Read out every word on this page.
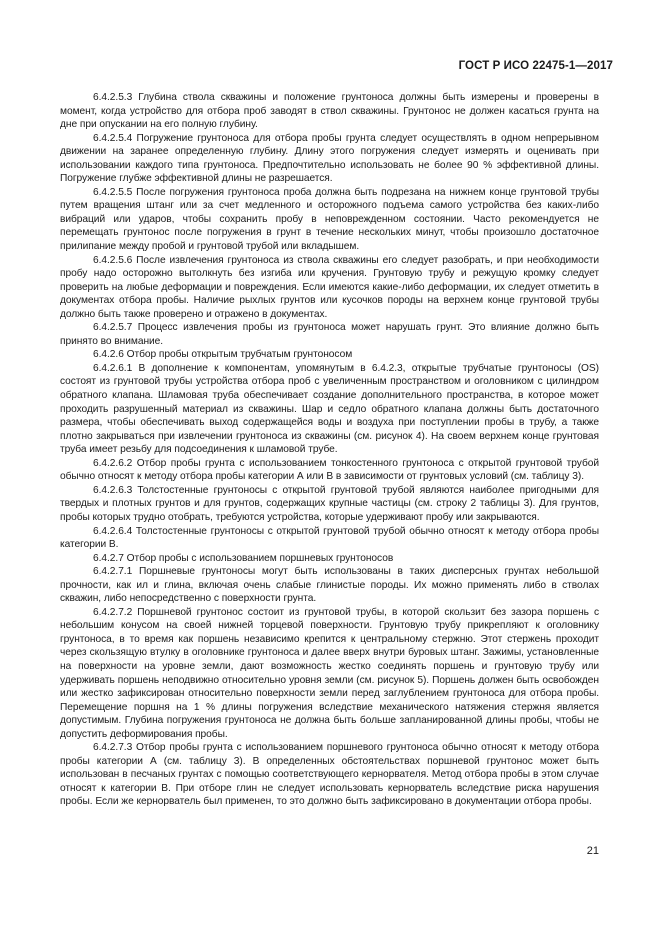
ГОСТ Р ИСО 22475-1—2017

6.4.2.5.3 Глубина ствола скважины и положение грунтоноса должны быть измерены и проверены в момент, когда устройство для отбора проб заводят в ствол скважины. Грунтонос не должен касаться грунта на дне при опускании на его полную глубину.

6.4.2.5.4 Погружение грунтоноса для отбора пробы грунта следует осуществлять в одном непрерывном движении на заранее определенную глубину. Длину этого погружения следует измерять и оценивать при использовании каждого типа грунтоноса. Предпочтительно использовать не более 90 % эффективной длины. Погружение глубже эффективной длины не разрешается.

6.4.2.5.5 После погружения грунтоноса проба должна быть подрезана на нижнем конце грунтовой трубы путем вращения штанг или за счет медленного и осторожного подъема самого устройства без каких-либо вибраций или ударов, чтобы сохранить пробу в неповрежденном состоянии. Часто рекомендуется не перемещать грунтонос после погружения в грунт в течение нескольких минут, чтобы произошло достаточное прилипание между пробой и грунтовой трубой или вкладышем.

6.4.2.5.6 После извлечения грунтоноса из ствола скважины его следует разобрать, и при необходимости пробу надо осторожно вытолкнуть без изгиба или кручения. Грунтовую трубу и режущую кромку следует проверить на любые деформации и повреждения. Если имеются какие-либо деформации, их следует отметить в документах отбора пробы. Наличие рыхлых грунтов или кусочков породы на верхнем конце грунтовой трубы должно быть также проверено и отражено в документах.

6.4.2.5.7 Процесс извлечения пробы из грунтоноса может нарушать грунт. Это влияние должно быть принято во внимание.

6.4.2.6 Отбор пробы открытым трубчатым грунтоносом

6.4.2.6.1 В дополнение к компонентам, упомянутым в 6.4.2.3, открытые трубчатые грунтоносы (OS) состоят из грунтовой трубы устройства отбора проб с увеличенным пространством и оголовником с цилиндром обратного клапана. Шламовая труба обеспечивает создание дополнительного пространства, в которое может проходить разрушенный материал из скважины. Шар и седло обратного клапана должны быть достаточного размера, чтобы обеспечивать выход содержащейся воды и воздуха при поступлении пробы в трубу, а также плотно закрываться при извлечении грунтоноса из скважины (см. рисунок 4). На своем верхнем конце грунтовая труба имеет резьбу для подсоединения к шламовой трубе.

6.4.2.6.2 Отбор пробы грунта с использованием тонкостенного грунтоноса с открытой грунтовой трубой обычно относят к методу отбора пробы категории А или В в зависимости от грунтовых условий (см. таблицу 3).

6.4.2.6.3 Толстостенные грунтоносы с открытой грунтовой трубой являются наиболее пригодными для твердых и плотных грунтов и для грунтов, содержащих крупные частицы (см. строку 2 таблицы 3). Для грунтов, пробы которых трудно отобрать, требуются устройства, которые удерживают пробу или закрываются.

6.4.2.6.4 Толстостенные грунтоносы с открытой грунтовой трубой обычно относят к методу отбора пробы категории В.

6.4.2.7 Отбор пробы с использованием поршневых грунтоносов

6.4.2.7.1 Поршневые грунтоносы могут быть использованы в таких дисперсных грунтах небольшой прочности, как ил и глина, включая очень слабые глинистые породы. Их можно применять либо в стволах скважин, либо непосредственно с поверхности грунта.

6.4.2.7.2 Поршневой грунтонос состоит из грунтовой трубы, в которой скользит без зазора поршень с небольшим конусом на своей нижней торцевой поверхности. Грунтовую трубу прикрепляют к оголовнику грунтоноса, в то время как поршень независимо крепится к центральному стержню. Этот стержень проходит через скользящую втулку в оголовнике грунтоноса и далее вверх внутри буровых штанг. Зажимы, установленные на поверхности на уровне земли, дают возможность жестко соединять поршень и грунтовую трубу или удерживать поршень неподвижно относительно уровня земли (см. рисунок 5). Поршень должен быть освобожден или жестко зафиксирован относительно поверхности земли перед заглублением грунтоноса для отбора пробы. Перемещение поршня на 1 % длины погружения вследствие механического натяжения стержня является допустимым. Глубина погружения грунтоноса не должна быть больше запланированной длины пробы, чтобы не допустить деформирования пробы.

6.4.2.7.3 Отбор пробы грунта с использованием поршневого грунтоноса обычно относят к методу отбора пробы категории А (см. таблицу 3). В определенных обстоятельствах поршневой грунтонос может быть использован в песчаных грунтах с помощью соответствующего кернорвателя. Метод отбора пробы в этом случае относят к категории В. При отборе глин не следует использовать кернорватель вследствие риска нарушения пробы. Если же кернорватель был применен, то это должно быть зафиксировано в документации отбора пробы.

21
